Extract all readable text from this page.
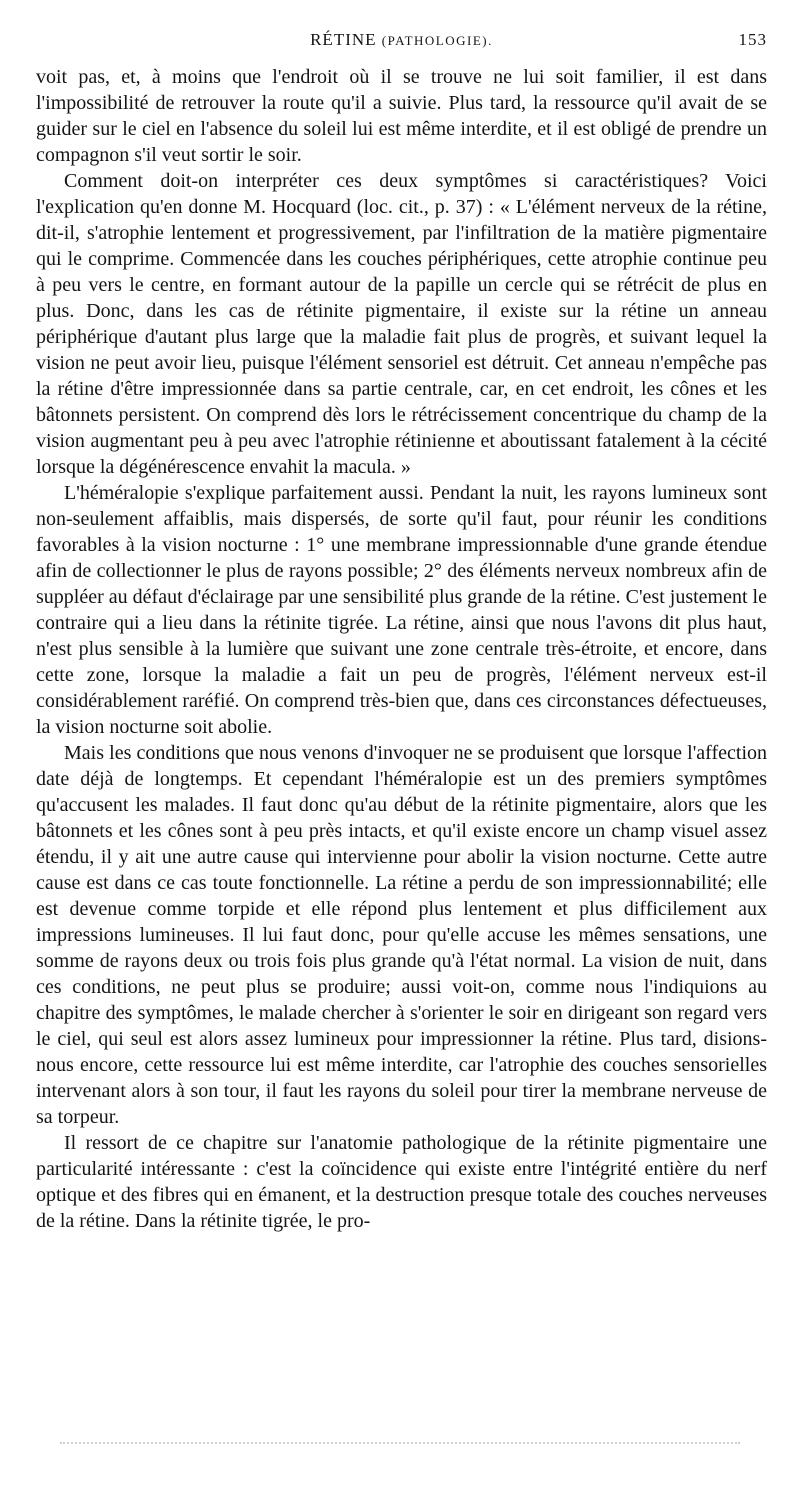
RÉTINE (PATHOLOGIE).	153

voit pas, et, à moins que l'endroit où il se trouve ne lui soit familier, il est dans l'impossibilité de retrouver la route qu'il a suivie. Plus tard, la ressource qu'il avait de se guider sur le ciel en l'absence du soleil lui est même interdite, et il est obligé de prendre un compagnon s'il veut sortir le soir.

Comment doit-on interpréter ces deux symptômes si caractéristiques? Voici l'explication qu'en donne M. Hocquard (loc. cit., p. 37) : « L'élément nerveux de la rétine, dit-il, s'atrophie lentement et progressivement, par l'infiltration de la matière pigmentaire qui le comprime. Commencée dans les couches périphériques, cette atrophie continue peu à peu vers le centre, en formant autour de la papille un cercle qui se rétrécit de plus en plus. Donc, dans les cas de rétinite pigmentaire, il existe sur la rétine un anneau périphérique d'autant plus large que la maladie fait plus de progrès, et suivant lequel la vision ne peut avoir lieu, puisque l'élément sensoriel est détruit. Cet anneau n'empêche pas la rétine d'être impressionnée dans sa partie centrale, car, en cet endroit, les cônes et les bâtonnets persistent. On comprend dès lors le rétrécissement concentrique du champ de la vision augmentant peu à peu avec l'atrophie rétinienne et aboutissant fatalement à la cécité lorsque la dégénérescence envahit la macula. »

L'héméralopie s'explique parfaitement aussi. Pendant la nuit, les rayons lumineux sont non-seulement affaiblis, mais dispersés, de sorte qu'il faut, pour réunir les conditions favorables à la vision nocturne : 1° une membrane impressionnable d'une grande étendue afin de collectionner le plus de rayons possible; 2° des éléments nerveux nombreux afin de suppléer au défaut d'éclairage par une sensibilité plus grande de la rétine. C'est justement le contraire qui a lieu dans la rétinite tigrée. La rétine, ainsi que nous l'avons dit plus haut, n'est plus sensible à la lumière que suivant une zone centrale très-étroite, et encore, dans cette zone, lorsque la maladie a fait un peu de progrès, l'élément nerveux est-il considérablement raréfié. On comprend très-bien que, dans ces circonstances défectueuses, la vision nocturne soit abolie.

Mais les conditions que nous venons d'invoquer ne se produisent que lorsque l'affection date déjà de longtemps. Et cependant l'héméralopie est un des premiers symptômes qu'accusent les malades. Il faut donc qu'au début de la rétinite pigmentaire, alors que les bâtonnets et les cônes sont à peu près intacts, et qu'il existe encore un champ visuel assez étendu, il y ait une autre cause qui intervienne pour abolir la vision nocturne. Cette autre cause est dans ce cas toute fonctionnelle. La rétine a perdu de son impressionnabilité; elle est devenue comme torpide et elle répond plus lentement et plus difficilement aux impressions lumineuses. Il lui faut donc, pour qu'elle accuse les mêmes sensations, une somme de rayons deux ou trois fois plus grande qu'à l'état normal. La vision de nuit, dans ces conditions, ne peut plus se produire; aussi voit-on, comme nous l'indiquions au chapitre des symptômes, le malade chercher à s'orienter le soir en dirigeant son regard vers le ciel, qui seul est alors assez lumineux pour impressionner la rétine. Plus tard, disions-nous encore, cette ressource lui est même interdite, car l'atrophie des couches sensorielles intervenant alors à son tour, il faut les rayons du soleil pour tirer la membrane nerveuse de sa torpeur.

Il ressort de ce chapitre sur l'anatomie pathologique de la rétinite pigmentaire une particularité intéressante : c'est la coïncidence qui existe entre l'intégrité entière du nerf optique et des fibres qui en émanent, et la destruction presque totale des couches nerveuses de la rétine. Dans la rétinite tigrée, le pro-
